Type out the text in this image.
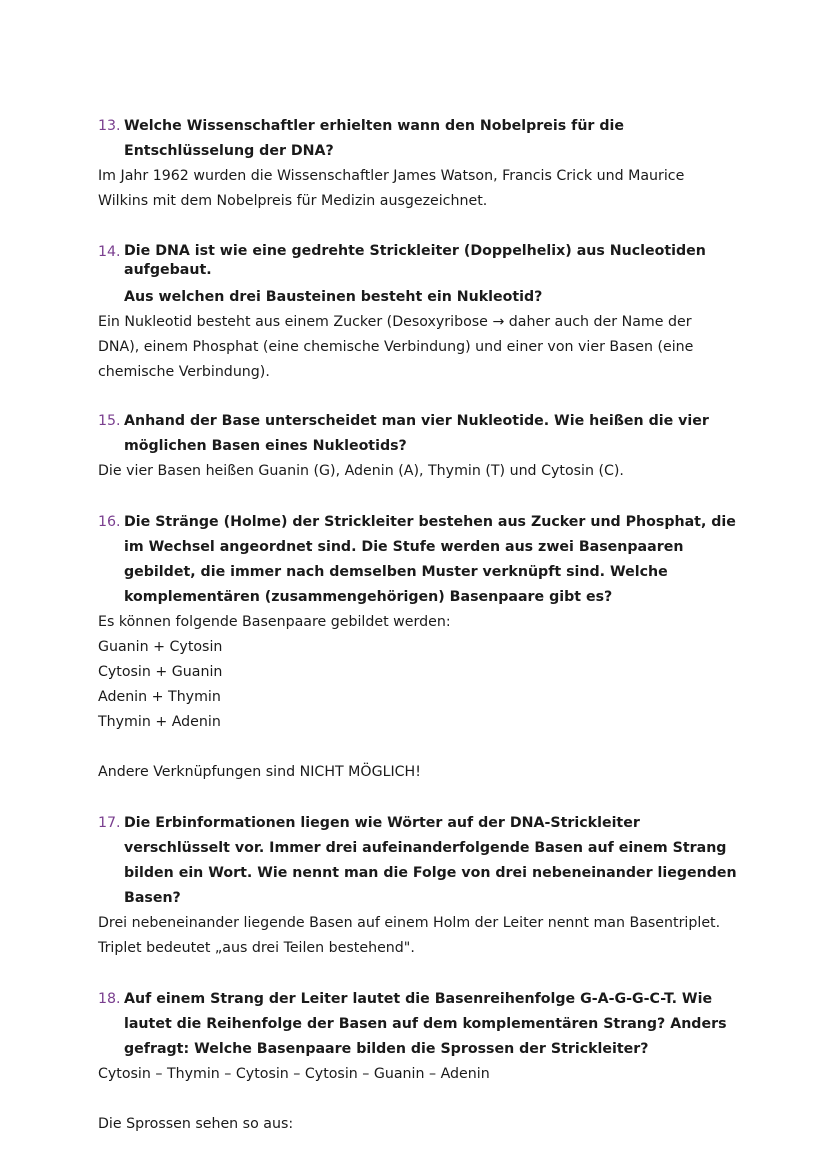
13. Welche Wissenschaftler erhielten wann den Nobelpreis für die
Entschlüsselung der DNA?
Im Jahr 1962 wurden die Wissenschaftler James Watson, Francis Crick und Maurice
Wilkins mit dem Nobelpreis für Medizin ausgezeichnet.
14. Die DNA ist wie eine gedrehte Strickleiter (Doppelhelix) aus Nucleotiden
aufgebaut.
Aus welchen drei Bausteinen besteht ein Nukleotid?
Ein Nukleotid besteht aus einem Zucker (Desoxyribose → daher auch der Name der
DNA), einem Phosphat (eine chemische Verbindung) und einer von vier Basen (eine
chemische Verbindung).
15. Anhand der Base unterscheidet man vier Nukleotide. Wie heißen die vier
möglichen Basen eines Nukleotids?
Die vier Basen heißen Guanin (G), Adenin (A), Thymin (T) und Cytosin (C).
16. Die Stränge (Holme) der Strickleiter bestehen aus Zucker und Phosphat, die
im Wechsel angeordnet sind. Die Stufe werden aus zwei Basenpaaren
gebildet, die immer nach demselben Muster verknüpft sind. Welche
komplementären (zusammengehörigen) Basenpaare gibt es?
Es können folgende Basenpaare gebildet werden:
Guanin + Cytosin
Cytosin + Guanin
Adenin + Thymin
Thymin + Adenin
Andere Verknüpfungen sind NICHT MÖGLICH!
17. Die Erbinformationen liegen wie Wörter auf der DNA-Strickleiter
verschlüsselt vor. Immer drei aufeinanderfolgende Basen auf einem Strang
bilden ein Wort. Wie nennt man die Folge von drei nebeneinander liegenden
Basen?
Drei nebeneinander liegende Basen auf einem Holm der Leiter nennt man Basentriplet.
Triplet bedeutet „aus drei Teilen bestehend".
18. Auf einem Strang der Leiter lautet die Basenreihenfolge G-A-G-G-C-T. Wie
lautet die Reihenfolge der Basen auf dem komplementären Strang? Anders
gefragt: Welche Basenpaare bilden die Sprossen der Strickleiter?
Cytosin – Thymin – Cytosin – Cytosin – Guanin – Adenin
Die Sprossen sehen so aus:
